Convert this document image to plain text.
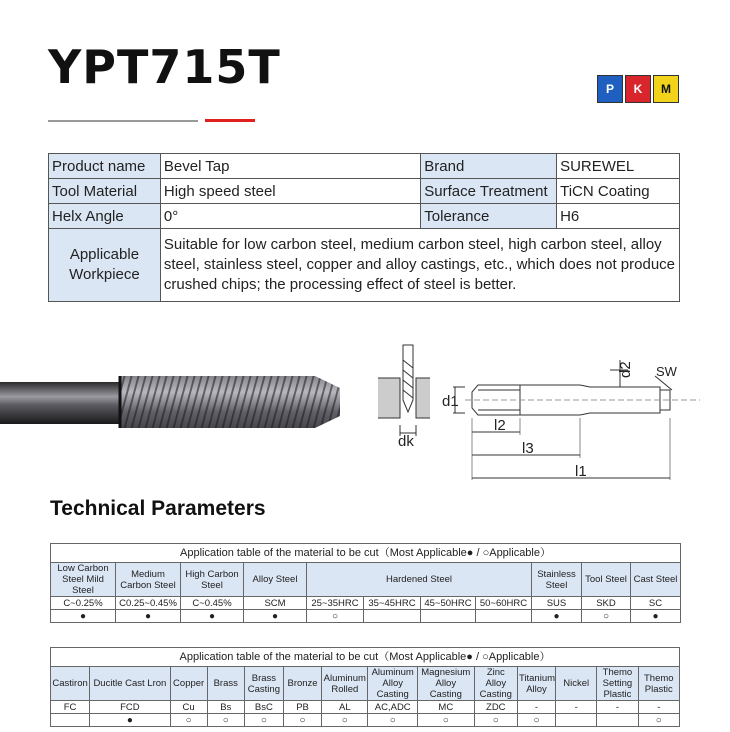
YPT715T	P	K	M
Product name	Bevel Tap	Brand	SUREWEL
Tool Material	High speed steel	Surface Treatment	TiCN Coating
Helx Angle	0°	Tolerance	H6
Applicable
Workpiece	Suitable for low carbon steel, medium carbon steel, high carbon steel, alloy steel, stainless steel, copper and alloy castings, etc., which does not produce crushed chips; the processing effect of steel is better.		
d1
dk
d2 SW
l2
l3
l1
Technical Parameters
Application table of the material to be cut（Most Applicable● / ○Applicable）										
Low Carbon Steel Mild Steel	Medium Carbon Steel	High Carbon Steel	Alloy Steel	Hardened Steel				Stainless Steel	Tool Steel	Cast Steel
C~0.25%	C0.25~0.45%	C~0.45%	SCM	25~35HRC	35~45HRC	45~50HRC	50~60HRC	SUS	SKD	SC
●	●	●	●	○				●	○	●
Application table of the material to be cut（Most Applicable● / ○Applicable）													
Castiron	Ducitle Cast Lron	Copper	Brass	Brass Casting	Bronze	Aluminum Rolled	Aluminum Alloy Casting	Magnesium Alloy Casting	Zinc Alloy Casting	Titanium Alloy	Nickel	Themo Setting Plastic	Themo Plastic
FC	FCD	Cu	Bs	BsC	PB	AL	AC,ADC	MC	ZDC	-	-	-	-
	●	○	○	○	○	○	○	○	○	○			○
